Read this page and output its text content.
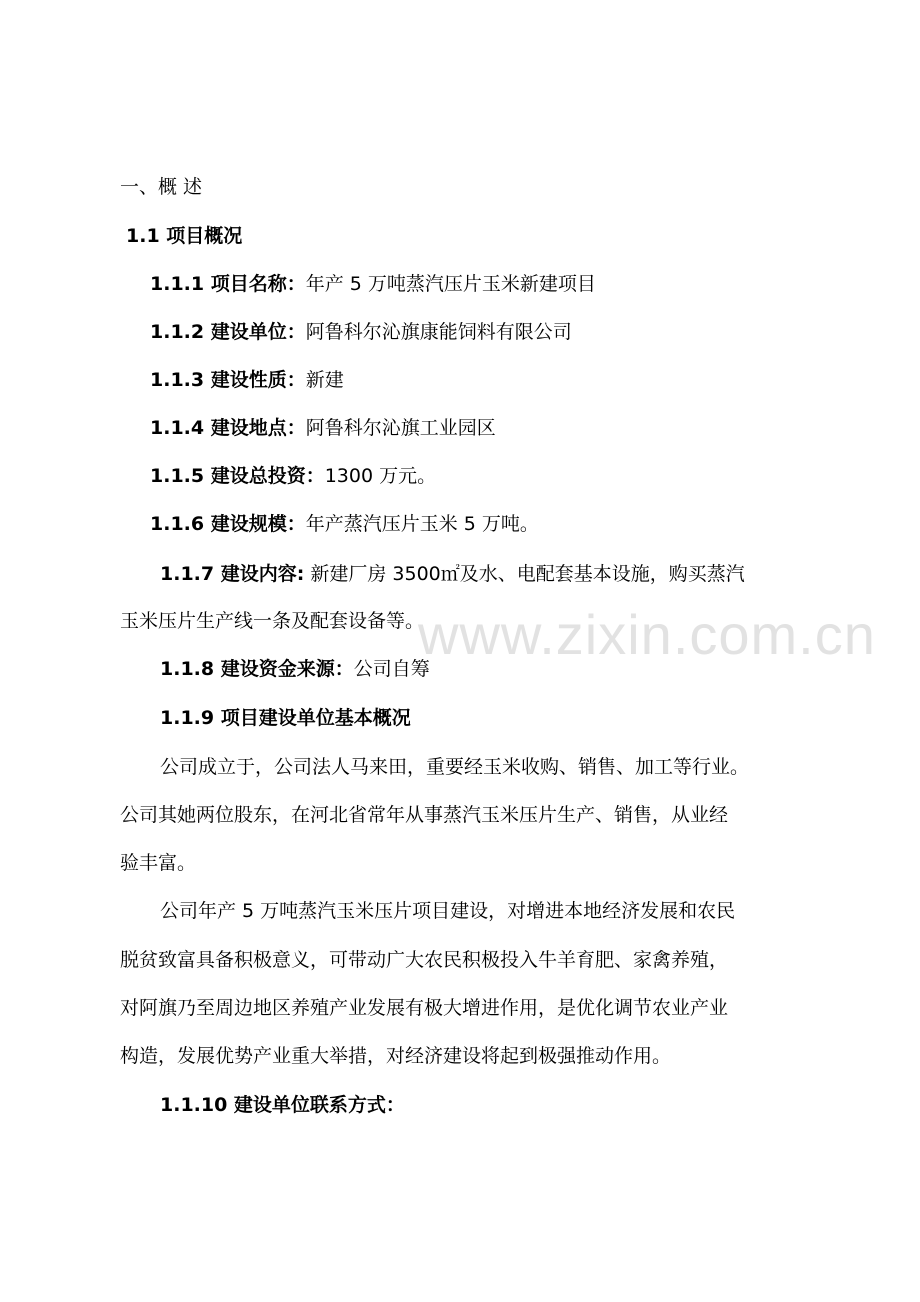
www.zixin.com.cn
一、概 述
1.1 项目概况
1.1.1 项目名称：年产 5 万吨蒸汽压片玉米新建项目
1.1.2 建设单位：阿鲁科尔沁旗康能饲料有限公司
1.1.3 建设性质：新建
1.1.4 建设地点：阿鲁科尔沁旗工业园区
1.1.5 建设总投资：1300 万元。
1.1.6 建设规模：年产蒸汽压片玉米 5 万吨。
1.1.7 建设内容: 新建厂房 3500㎡及水、电配套基本设施，购买蒸汽
玉米压片生产线一条及配套设备等。
1.1.8 建设资金来源：公司自筹
1.1.9 项目建设单位基本概况
公司成立于，公司法人马来田，重要经玉米收购、销售、加工等行业。
公司其她两位股东，在河北省常年从事蒸汽玉米压片生产、销售，从业经
验丰富。
公司年产 5 万吨蒸汽玉米压片项目建设，对增进本地经济发展和农民
脱贫致富具备积极意义，可带动广大农民积极投入牛羊育肥、家禽养殖，
对阿旗乃至周边地区养殖产业发展有极大增进作用，是优化调节农业产业
构造，发展优势产业重大举措，对经济建设将起到极强推动作用。
1.1.10 建设单位联系方式：
